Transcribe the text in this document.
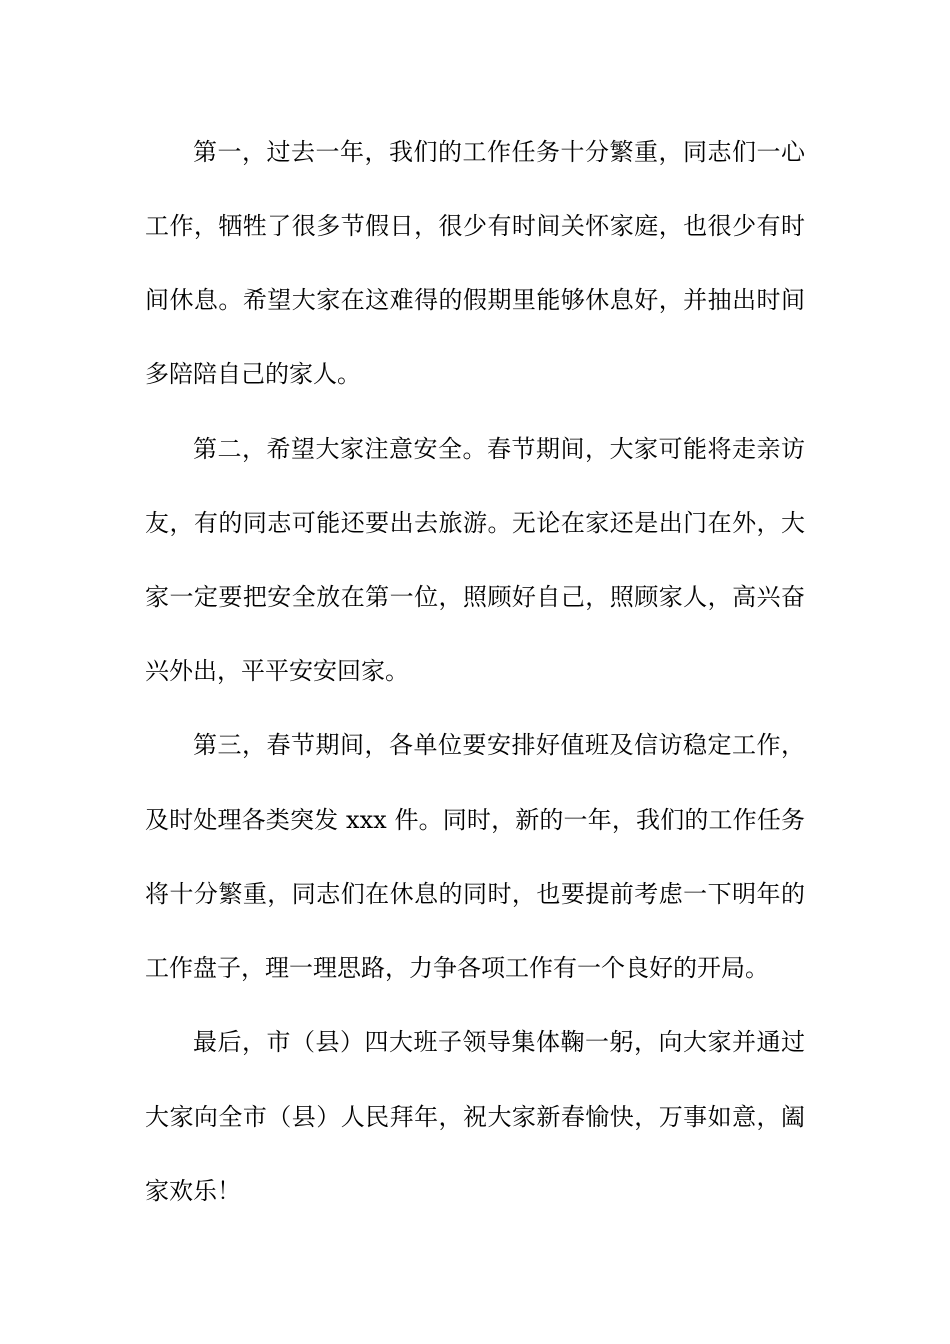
第一，过去一年，我们的工作任务十分繁重，同志们一心
工作，牺牲了很多节假日，很少有时间关怀家庭，也很少有时
间休息。希望大家在这难得的假期里能够休息好，并抽出时间
多陪陪自己的家人。
第二，希望大家注意安全。春节期间，大家可能将走亲访
友，有的同志可能还要出去旅游。无论在家还是出门在外，大
家一定要把安全放在第一位，照顾好自己，照顾家人，高兴奋
兴外出，平平安安回家。
第三，春节期间，各单位要安排好值班及信访稳定工作，
及时处理各类突发 xxx 件。同时，新的一年，我们的工作任务
将十分繁重，同志们在休息的同时，也要提前考虑一下明年的
工作盘子，理一理思路，力争各项工作有一个良好的开局。
最后，市（县）四大班子领导集体鞠一躬，向大家并通过
大家向全市（县）人民拜年，祝大家新春愉快，万事如意，阖
家欢乐！
